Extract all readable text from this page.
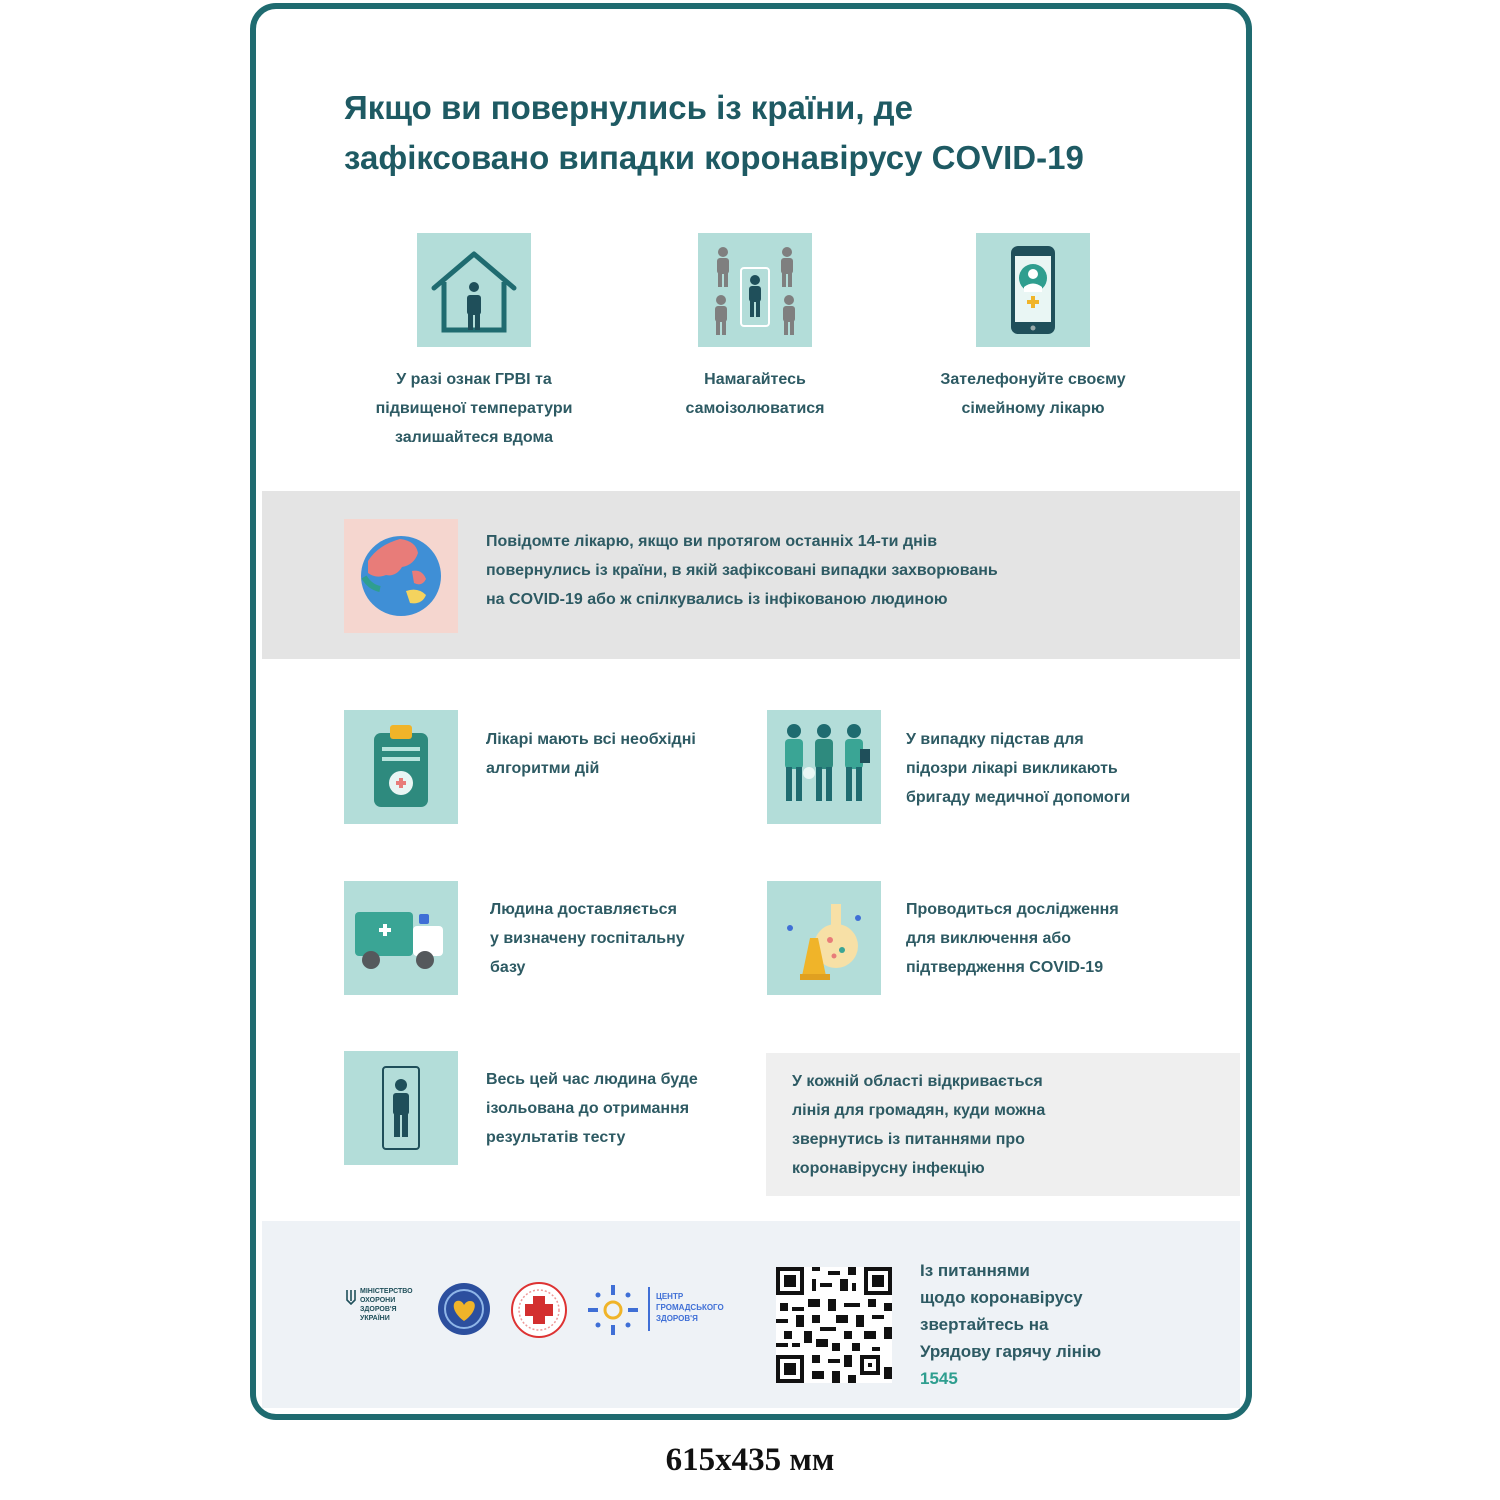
Якщо ви повернулись із країни, де
зафіксовано випадки коронавірусу COVID-19
У разі ознак ГРВІ та
підвищеної температури
залишайтеся вдома
Намагайтесь
самоізолюватися
Зателефонуйте своєму
сімейному лікарю
Повідомте лікарю, якщо ви протягом останніх 14-ти днів
повернулись із країни, в якій зафіксовані випадки захворювань
на COVID-19 або ж спілкувались із інфікованою людиною
Лікарі мають всі необхідні
алгоритми дій
У випадку підстав для
підозри лікарі викликають
бригаду медичної допомоги
Людина доставляється
у визначену госпітальну
базу
Проводиться дослідження
для виключення або
підтвердження COVID-19
Весь цей час людина буде
ізольована до отримання
результатів тесту
У кожній області відкривається
лінія для громадян, куди можна
звернутись із питаннями про
коронавірусну інфекцію
МІНІСТЕРСТВО
ОХОРОНИ
ЗДОРОВ'Я
УКРАЇНИ
ЦЕНТР
ГРОМАДСЬКОГО
ЗДОРОВ'Я
Із питаннями
щодо коронавірусу
звертайтесь на
Урядову гарячу лінію
1545
615х435 мм
